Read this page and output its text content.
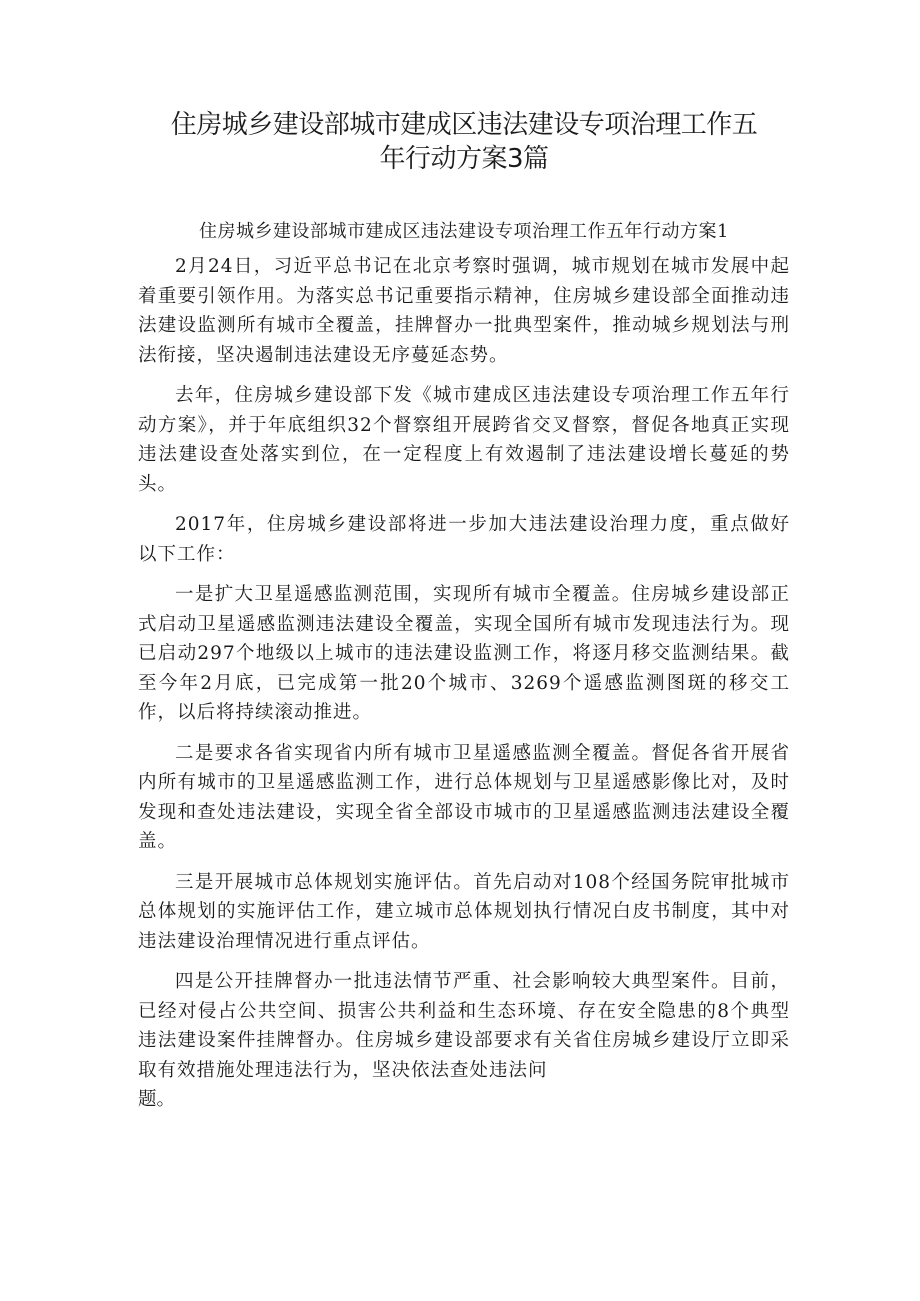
住房城乡建设部城市建成区违法建设专项治理工作五
年行动方案3篇

住房城乡建设部城市建成区违法建设专项治理工作五年行动方案1

2月24日，习近平总书记在北京考察时强调，城市规划在城市发展中起着重要引领作用。为落实总书记重要指示精神，住房城乡建设部全面推动违法建设监测所有城市全覆盖，挂牌督办一批典型案件，推动城乡规划法与刑法衔接，坚决遏制违法建设无序蔓延态势。

去年，住房城乡建设部下发《城市建成区违法建设专项治理工作五年行动方案》，并于年底组织32个督察组开展跨省交叉督察，督促各地真正实现违法建设查处落实到位，在一定程度上有效遏制了违法建设增长蔓延的势头。

2017年，住房城乡建设部将进一步加大违法建设治理力度，重点做好以下工作：

一是扩大卫星遥感监测范围，实现所有城市全覆盖。住房城乡建设部正式启动卫星遥感监测违法建设全覆盖，实现全国所有城市发现违法行为。现已启动297个地级以上城市的违法建设监测工作，将逐月移交监测结果。截至今年2月底，已完成第一批20个城市、3269个遥感监测图斑的移交工作，以后将持续滚动推进。

二是要求各省实现省内所有城市卫星遥感监测全覆盖。督促各省开展省内所有城市的卫星遥感监测工作，进行总体规划与卫星遥感影像比对，及时发现和查处违法建设，实现全省全部设市城市的卫星遥感监测违法建设全覆盖。

三是开展城市总体规划实施评估。首先启动对108个经国务院审批城市总体规划的实施评估工作，建立城市总体规划执行情况白皮书制度，其中对违法建设治理情况进行重点评估。

四是公开挂牌督办一批违法情节严重、社会影响较大典型案件。目前，已经对侵占公共空间、损害公共利益和生态环境、存在安全隐患的8个典型违法建设案件挂牌督办。住房城乡建设部要求有关省住房城乡建设厅立即采取有效措施处理违法行为，坚决依法查处违法问

题。
